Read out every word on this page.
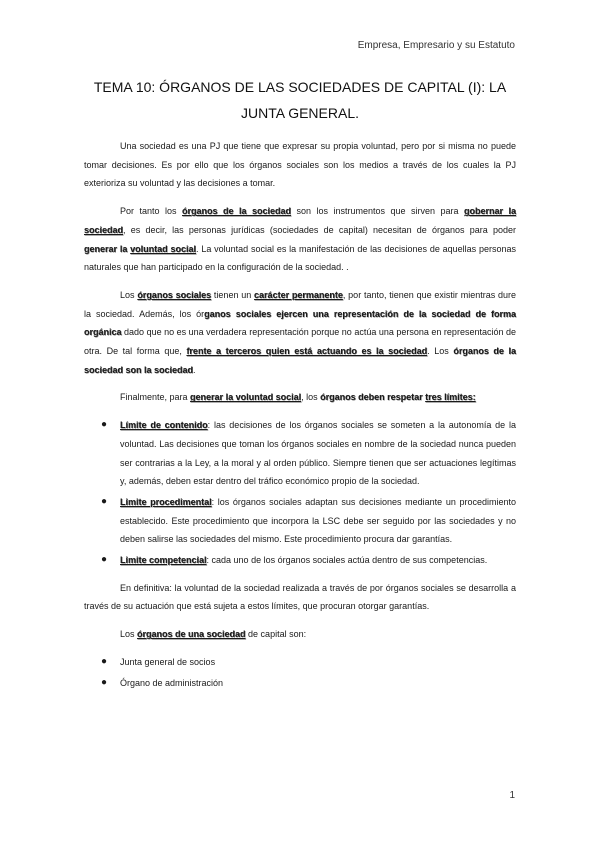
Empresa, Empresario y su Estatuto
TEMA 10: ÓRGANOS DE LAS SOCIEDADES DE CAPITAL (I): LA JUNTA GENERAL.

Una sociedad es una PJ que tiene que expresar su propia voluntad, pero por si misma no puede tomar decisiones. Es por ello que los órganos sociales son los medios a través de los cuales la PJ exterioriza su voluntad y las decisiones a tomar.

Por tanto los órganos de la sociedad son los instrumentos que sirven para gobernar la sociedad, es decir, las personas jurídicas (sociedades de capital) necesitan de órganos para poder generar la voluntad social. La voluntad social es la manifestación de las decisiones de aquellas personas naturales que han participado en la configuración de la sociedad. .

Los órganos sociales tienen un carácter permanente, por tanto, tienen que existir mientras dure la sociedad. Además, los órganos sociales ejercen una representación de la sociedad de forma orgánica dado que no es una verdadera representación porque no actúa una persona en representación de otra. De tal forma que, frente a terceros quien está actuando es la sociedad. Los órganos de la sociedad son la sociedad.

Finalmente, para generar la voluntad social, los órganos deben respetar tres límites:

● Límite de contenido: las decisiones de los órganos sociales se someten a la autonomía de la voluntad. Las decisiones que toman los órganos sociales en nombre de la sociedad nunca pueden ser contrarias a la Ley, a la moral y al orden público. Siempre tienen que ser actuaciones legítimas y, además, deben estar dentro del tráfico económico propio de la sociedad.
● Limite procedimental: los órganos sociales adaptan sus decisiones mediante un procedimiento establecido. Este procedimiento que incorpora la LSC debe ser seguido por las sociedades y no deben salirse las sociedades del mismo. Este procedimiento procura dar garantías.
● Limite competencial: cada uno de los órganos sociales actúa dentro de sus competencias.

En definitiva: la voluntad de la sociedad realizada a través de por órganos sociales se desarrolla a través de su actuación que está sujeta a estos límites, que procuran otorgar garantías.

Los órganos de una sociedad de capital son:

● Junta general de socios
● Órgano de administración
1
